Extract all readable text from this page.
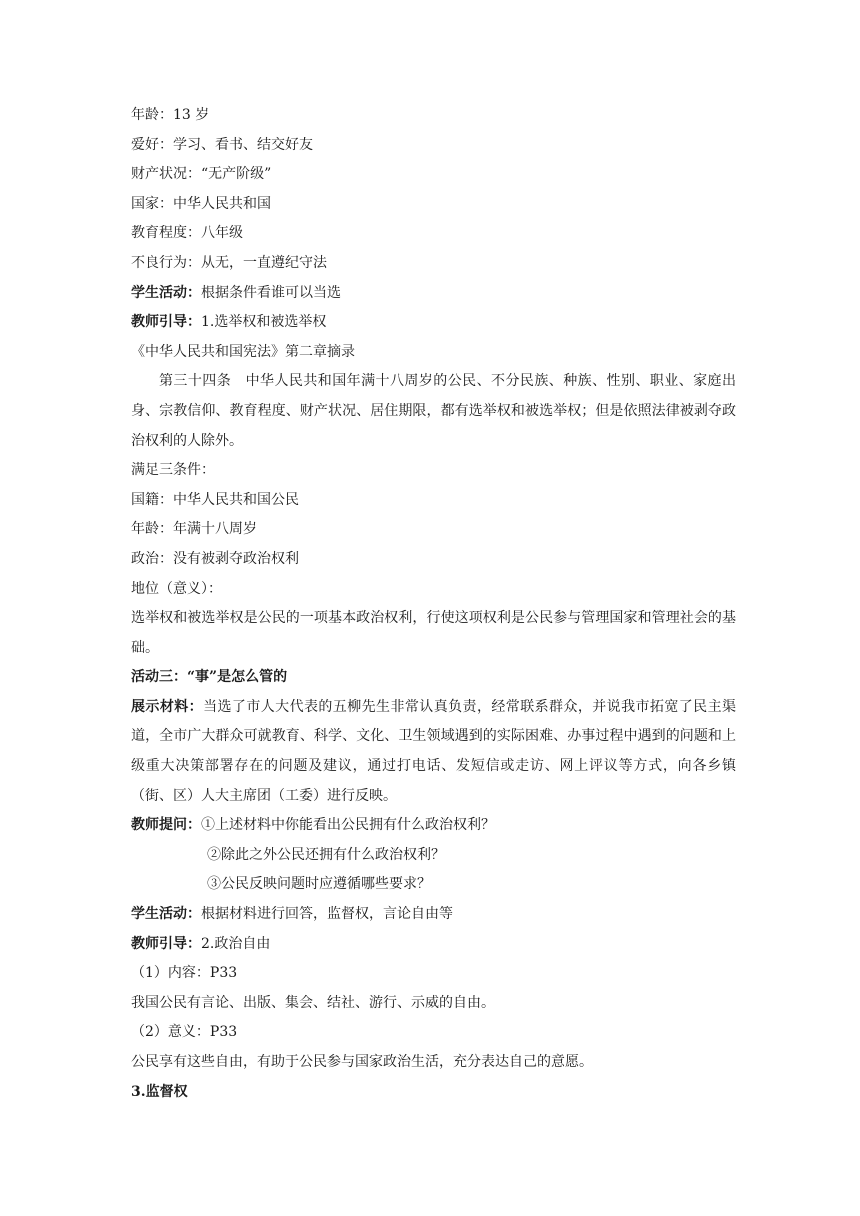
年龄：13 岁
爱好：学习、看书、结交好友
财产状况：“无产阶级”
国家：中华人民共和国
教育程度：八年级
不良行为：从无，一直遵纪守法
学生活动：根据条件看谁可以当选
教师引导：1.选举权和被选举权
《中华人民共和国宪法》第二章摘录
第三十四条　中华人民共和国年满十八周岁的公民、不分民族、种族、性别、职业、家庭出身、宗教信仰、教育程度、财产状况、居住期限，都有选举权和被选举权；但是依照法律被剥夺政治权利的人除外。
满足三条件：
国籍：中华人民共和国公民
年龄：年满十八周岁
政治：没有被剥夺政治权利
地位（意义）：
选举权和被选举权是公民的一项基本政治权利，行使这项权利是公民参与管理国家和管理社会的基础。
活动三：“事”是怎么管的
展示材料：当选了市人大代表的五柳先生非常认真负责，经常联系群众，并说我市拓宽了民主渠道，全市广大群众可就教育、科学、文化、卫生领域遇到的实际困难、办事过程中遇到的问题和上级重大决策部署存在的问题及建议，通过打电话、发短信或走访、网上评议等方式，向各乡镇（街、区）人大主席团（工委）进行反映。
教师提问：①上述材料中你能看出公民拥有什么政治权利？
②除此之外公民还拥有什么政治权利？
③公民反映问题时应遵循哪些要求？
学生活动：根据材料进行回答，监督权，言论自由等
教师引导：2.政治自由
（1）内容：P33
我国公民有言论、出版、集会、结社、游行、示威的自由。
（2）意义：P33
公民享有这些自由，有助于公民参与国家政治生活，充分表达自己的意愿。
3.监督权
